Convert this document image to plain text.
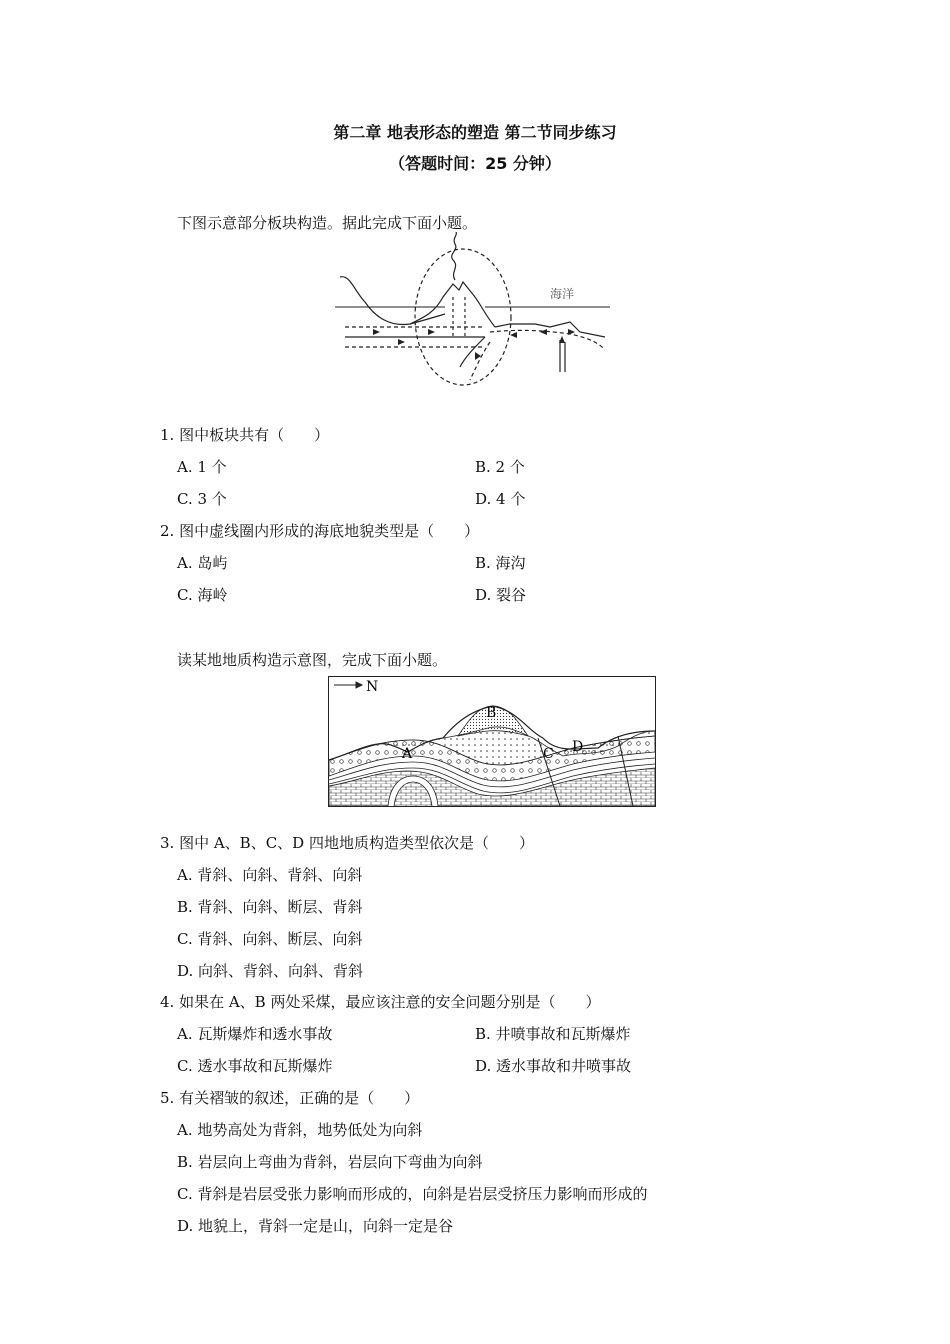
第二章 地表形态的塑造 第二节同步练习
（答题时间：25 分钟）
下图示意部分板块构造。据此完成下面小题。
海洋
1. 图中板块共有（　　）
A. 1 个	B. 2 个
C. 3 个	D. 4 个
2. 图中虚线圈内形成的海底地貌类型是（　　）
A. 岛屿	B. 海沟
C. 海岭	D. 裂谷
读某地地质构造示意图，完成下面小题。
N
A
B
C D
3. 图中 A、B、C、D 四地地质构造类型依次是（　　）
A. 背斜、向斜、背斜、向斜
B. 背斜、向斜、断层、背斜
C. 背斜、向斜、断层、向斜
D. 向斜、背斜、向斜、背斜
4. 如果在 A、B 两处采煤，最应该注意的安全问题分别是（　　）
A. 瓦斯爆炸和透水事故	B. 井喷事故和瓦斯爆炸
C. 透水事故和瓦斯爆炸	D. 透水事故和井喷事故
5. 有关褶皱的叙述，正确的是（　　）
A. 地势高处为背斜，地势低处为向斜
B. 岩层向上弯曲为背斜，岩层向下弯曲为向斜
C. 背斜是岩层受张力影响而形成的，向斜是岩层受挤压力影响而形成的
D. 地貌上，背斜一定是山，向斜一定是谷
